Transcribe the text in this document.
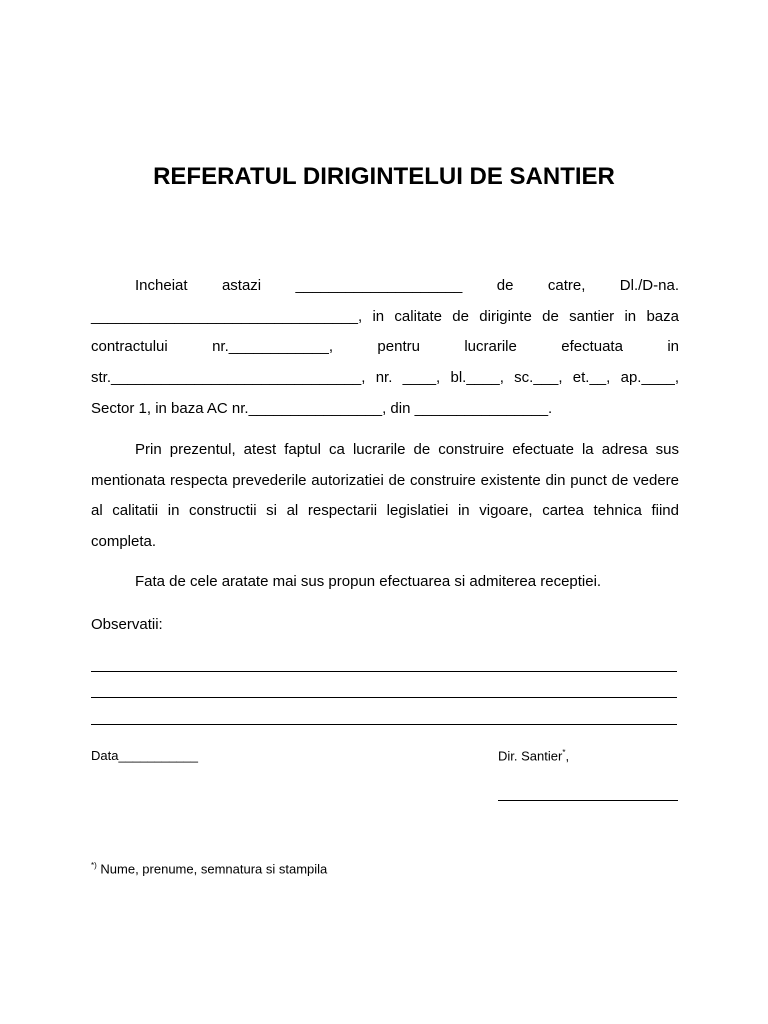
REFERATUL DIRIGINTELUI DE SANTIER
Incheiat astazi ____________________ de catre, Dl./D-na.
________________________________, in calitate de diriginte de santier in baza
contractului nr.____________, pentru lucrarile efectuata in
str.______________________________, nr. ____, bl.____, sc.___, et.__, ap.____,
Sector 1, in baza AC nr.________________, din ________________.

Prin prezentul, atest faptul ca lucrarile de construire efectuate la adresa sus mentionata respecta prevederile autorizatiei de construire existente din punct de vedere al calitatii in constructii si al respectarii legislatiei in vigoare, cartea tehnica fiind completa.

Fata de cele aratate mai sus propun efectuarea si admiterea receptiei.

Observatii:

Data___________	Dir. Santier*,

*) Nume, prenume, semnatura si stampila
